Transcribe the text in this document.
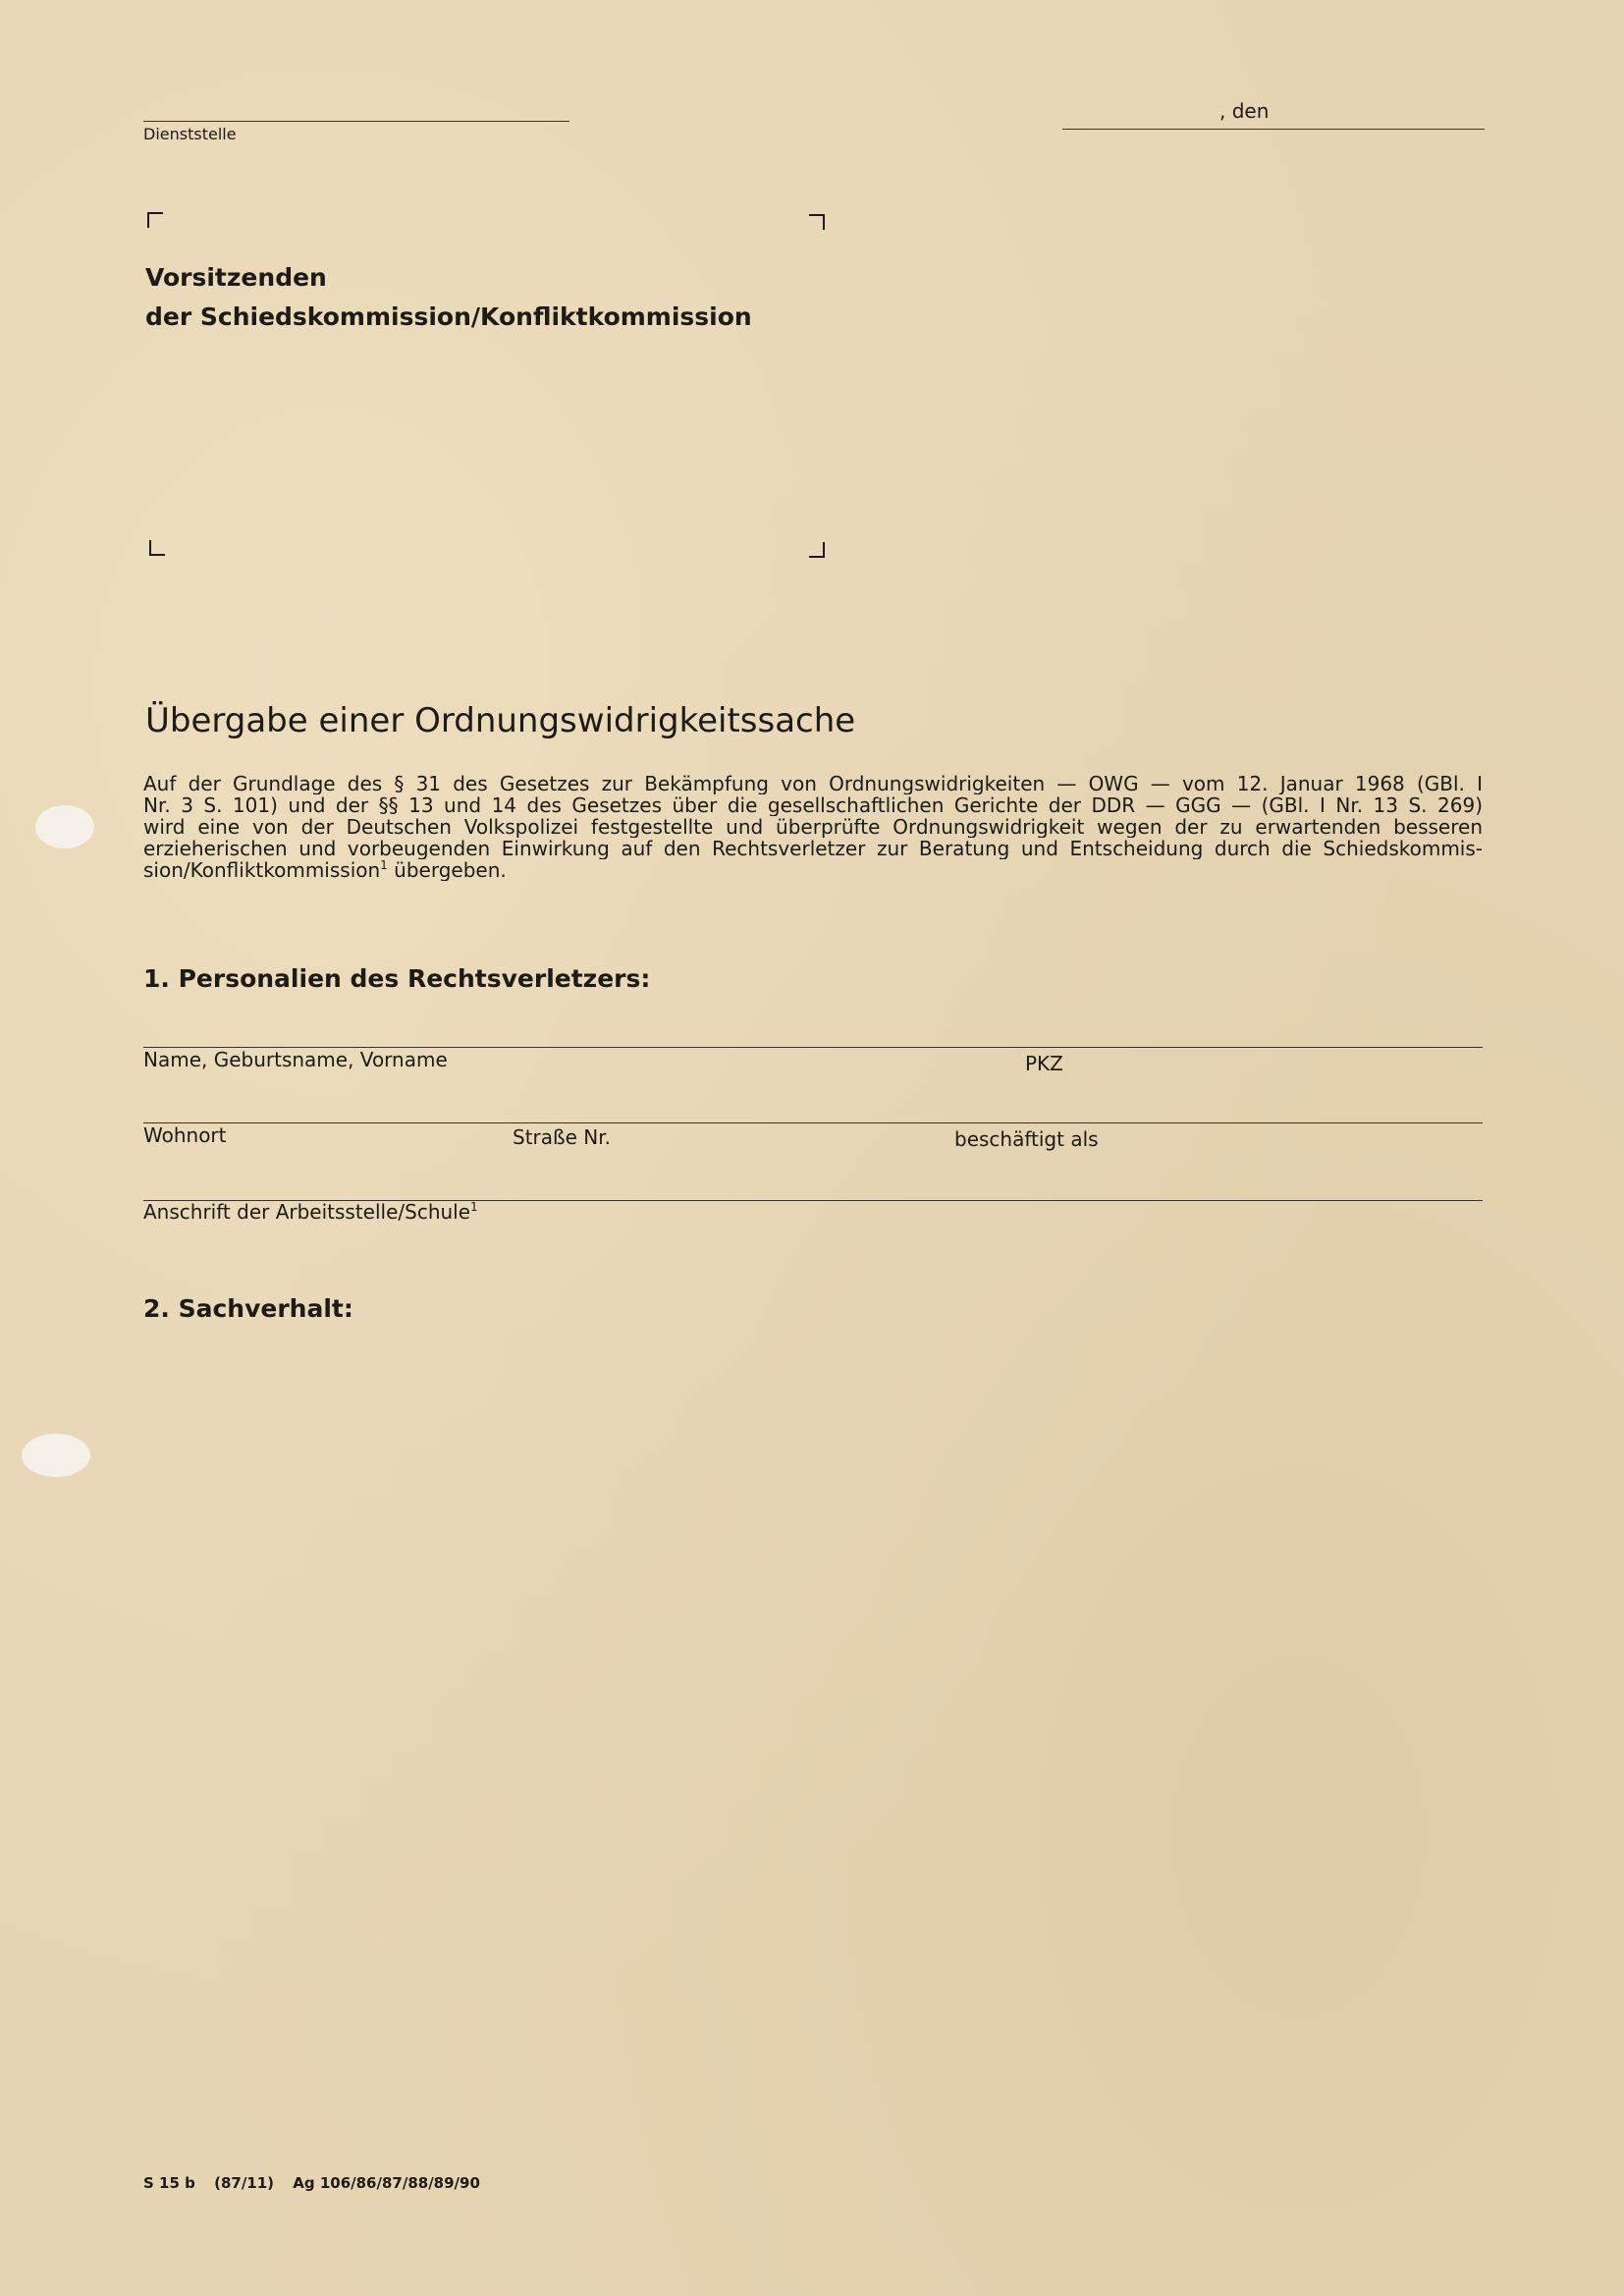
Dienststelle
, den
Vorsitzenden
der Schiedskommission/Konfliktkommission
Übergabe einer Ordnungswidrigkeitssache
Auf der Grundlage des § 31 des Gesetzes zur Bekämpfung von Ordnungswidrigkeiten — OWG — vom 12. Januar 1968 (GBl. I
Nr. 3 S. 101) und der §§ 13 und 14 des Gesetzes über die gesellschaftlichen Gerichte der DDR — GGG — (GBl. I Nr. 13 S. 269)
wird eine von der Deutschen Volkspolizei festgestellte und überprüfte Ordnungswidrigkeit wegen der zu erwartenden besseren
erzieherischen und vorbeugenden Einwirkung auf den Rechtsverletzer zur Beratung und Entscheidung durch die Schiedskommis-
sion/Konfliktkommission$^1$ übergeben.
1. Personalien des Rechtsverletzers:
Name, Geburtsname, Vorname	PKZ
Wohnort	Straße Nr.	beschäftigt als
Anschrift der Arbeitsstelle/Schule$^1$
2. Sachverhalt:
S 15 b (87/11) Ag 106/86/87/88/89/90
